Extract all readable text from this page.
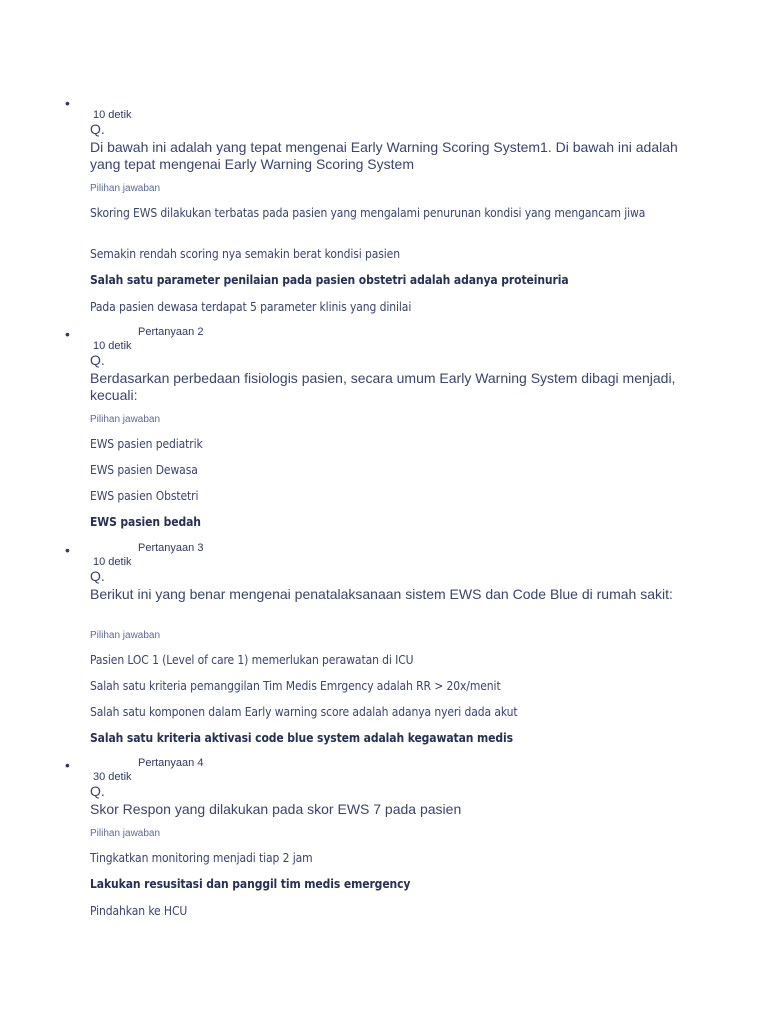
•
10 detik
Q.
Di bawah ini adalah yang tepat mengenai Early Warning Scoring System1. Di bawah ini adalah yang tepat mengenai Early Warning Scoring System
Pilihan jawaban
Skoring EWS dilakukan terbatas pada pasien yang mengalami penurunan kondisi yang mengancam jiwa
Semakin rendah scoring nya semakin berat kondisi pasien
Salah satu parameter penilaian pada pasien obstetri adalah adanya proteinuria
Pada pasien dewasa terdapat 5 parameter klinis yang dinilai
•	Pertanyaan 2
10 detik
Q.
Berdasarkan perbedaan fisiologis pasien, secara umum Early Warning System dibagi menjadi, kecuali:
Pilihan jawaban
EWS pasien pediatrik
EWS pasien Dewasa
EWS pasien Obstetri
EWS pasien bedah
•	Pertanyaan 3
10 detik
Q.
Berikut ini yang benar mengenai penatalaksanaan sistem EWS dan Code Blue di rumah sakit:
Pilihan jawaban
Pasien LOC 1 (Level of care 1) memerlukan perawatan di ICU
Salah satu kriteria pemanggilan Tim Medis Emrgency adalah RR > 20x/menit
Salah satu komponen dalam Early warning score adalah adanya nyeri dada akut
Salah satu kriteria aktivasi code blue system adalah kegawatan medis
•	Pertanyaan 4
30 detik
Q.
Skor Respon yang dilakukan pada skor EWS 7 pada pasien
Pilihan jawaban
Tingkatkan monitoring menjadi tiap 2 jam
Lakukan resusitasi dan panggil tim medis emergency
Pindahkan ke HCU
